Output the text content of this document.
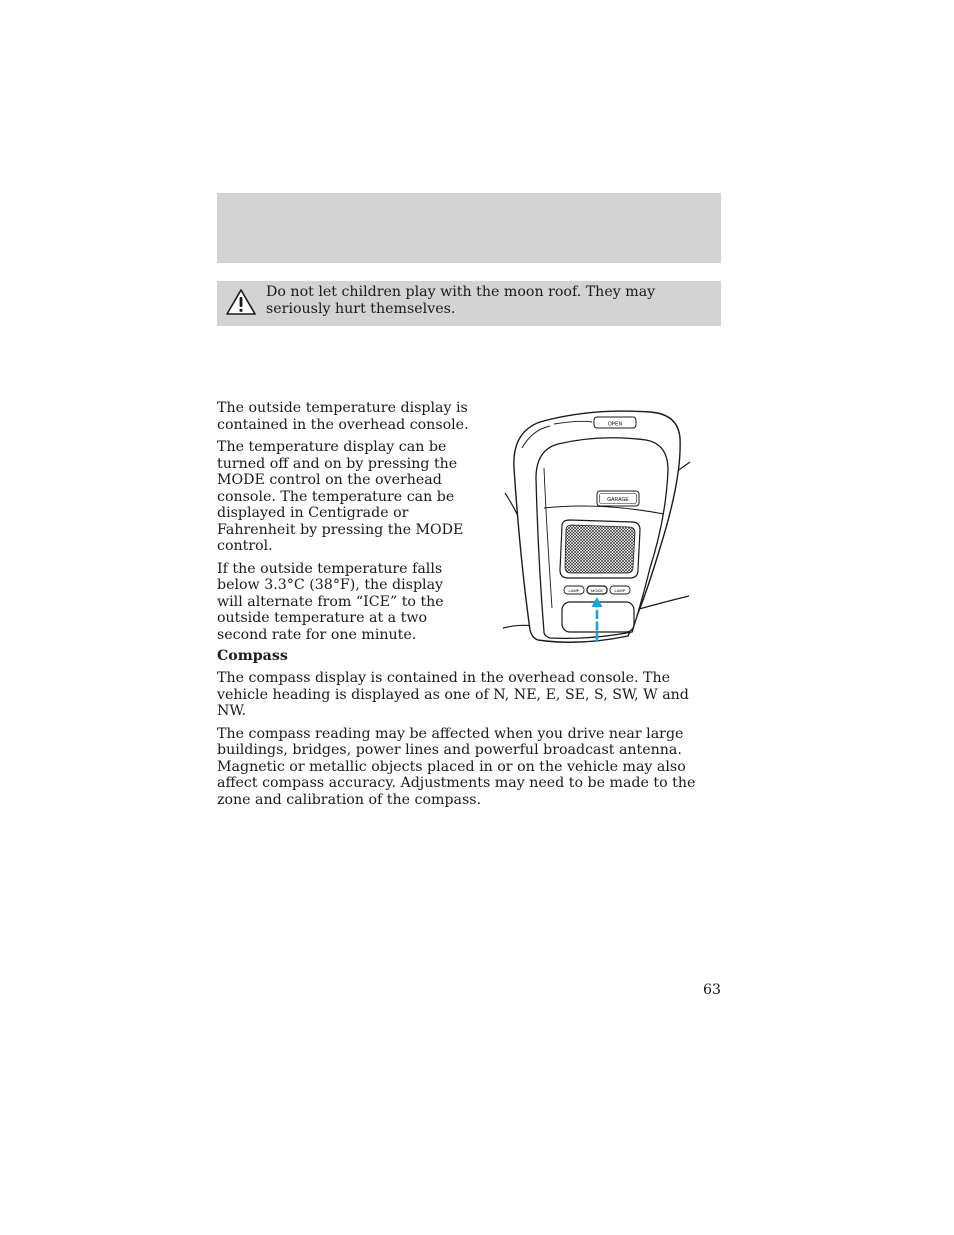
Do not let children play with the moon roof. They may seriously hurt themselves.

The outside temperature display is contained in the overhead console.

The temperature display can be turned off and on by pressing the MODE control on the overhead console. The temperature can be displayed in Centigrade or Fahrenheit by pressing the MODE control.

If the outside temperature falls below 3.3°C (38°F), the display will alternate from “ICE” to the outside temperature at a two second rate for one minute.

OPEN
GARAGE
LAMP	MODE	LAMP
Compass

The compass display is contained in the overhead console. The vehicle heading is displayed as one of N, NE, E, SE, S, SW, W and NW.

The compass reading may be affected when you drive near large buildings, bridges, power lines and powerful broadcast antenna. Magnetic or metallic objects placed in or on the vehicle may also affect compass accuracy. Adjustments may need to be made to the zone and calibration of the compass.

63
